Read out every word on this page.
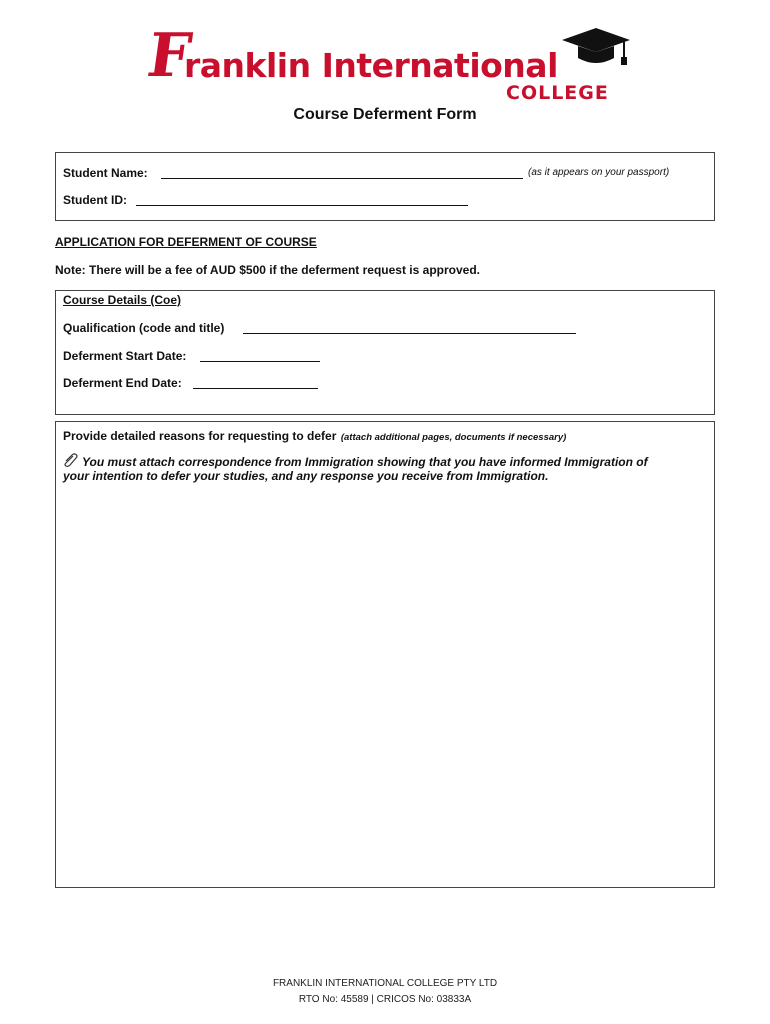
F
ranklin International
COLLEGE
Course Deferment Form
Student Name:	(as it appears on your passport)
Student ID:
APPLICATION FOR DEFERMENT OF COURSE
Note: There will be a fee of AUD $500 if the deferment request is approved.
Course Details (Coe)
Qualification (code and title)
Deferment Start Date:
Deferment End Date:
Provide detailed reasons for requesting to defer (attach additional pages, documents if necessary)
You must attach correspondence from Immigration showing that you have informed Immigration of
your intention to defer your studies, and any response you receive from Immigration.
FRANKLIN INTERNATIONAL COLLEGE PTY LTD
RTO No: 45589 | CRICOS No: 03833A
